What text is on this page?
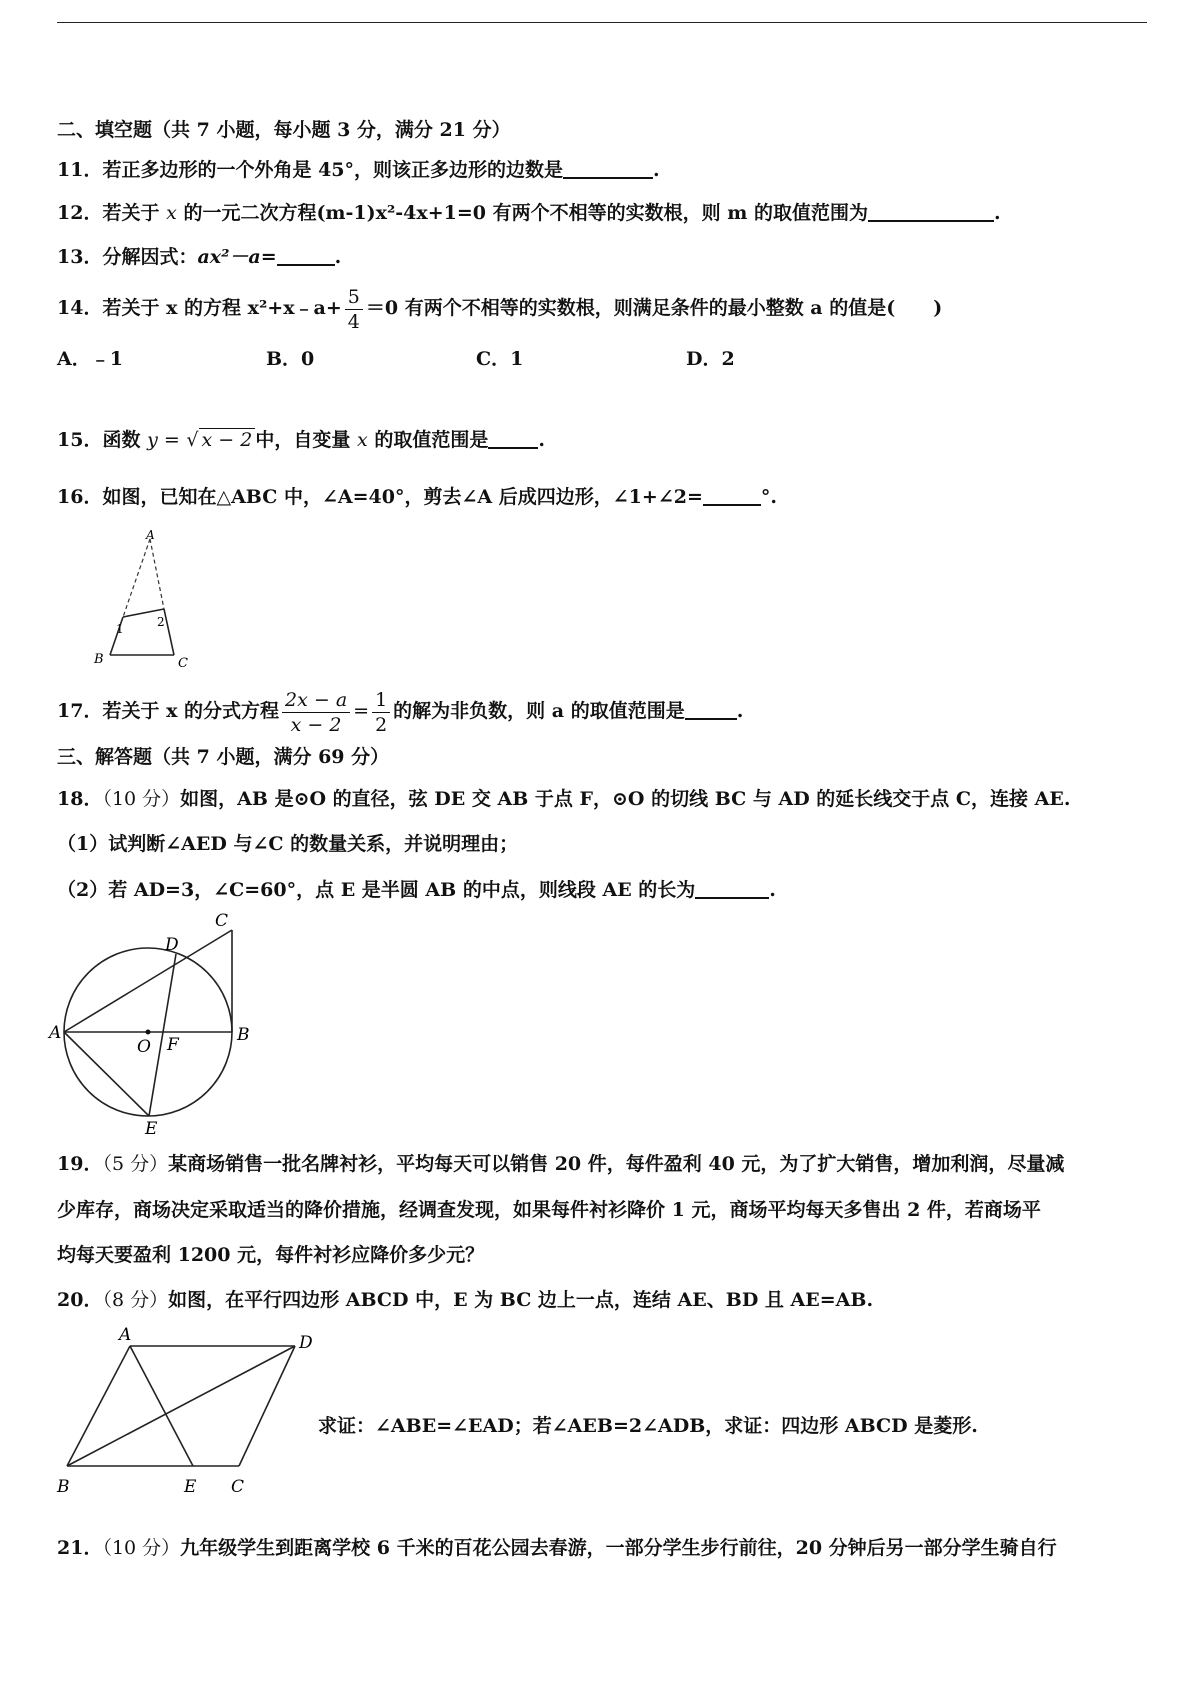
二、填空题（共 7 小题，每小题 3 分，满分 21 分）
11．若正多边形的一个外角是 45°，则该正多边形的边数是	.
12．若关于 x 的一元二次方程(m-1)x²-4x+1=0 有两个不相等的实数根，则 m 的取值范围为	.
13．分解因式：ax²－a=	.
14．若关于 x 的方程 x²+x﹣a+ $\frac{5}{4} =0$ 有两个不相等的实数根，则满足条件的最小整数 a 的值是(　　)
A．﹣1	B．0	C．1	D．2
15．函数 y = √ x − 2 中，自变量 x 的取值范围是	.
16．如图，已知在△ABC 中，∠A=40°，剪去∠A 后成四边形，∠1+∠2=	°.
A
B	C
1	2
17．若关于 x 的分式方程 $\frac{2x - a}{x - 2} = \frac{1}{2}$ 的解为非负数，则 a 的取值范围是	.
三、解答题（共 7 小题，满分 69 分）
18．（10 分）如图，AB 是⊙O 的直径，弦 DE 交 AB 于点 F，⊙O 的切线 BC 与 AD 的延长线交于点 C，连接 AE.
（1）试判断∠AED 与∠C 的数量关系，并说明理由；
（2）若 AD=3，∠C=60°，点 E 是半圆 AB 的中点，则线段 AE 的长为	.
C
D
A	B
O F
E
19．（5 分）某商场销售一批名牌衬衫，平均每天可以销售 20 件，每件盈利 40 元，为了扩大销售，增加利润，尽量减
少库存，商场决定采取适当的降价措施，经调查发现，如果每件衬衫降价 1 元，商场平均每天多售出 2 件，若商场平
均每天要盈利 1200 元，每件衬衫应降价多少元？
20．（8 分）如图，在平行四边形 ABCD 中，E 为 BC 边上一点，连结 AE、BD 且 AE=AB.
A	D
B	E C
求证：∠ABE=∠EAD；若∠AEB=2∠ADB，求证：四边形 ABCD 是菱形.
21．（10 分）九年级学生到距离学校 6 千米的百花公园去春游，一部分学生步行前往，20 分钟后另一部分学生骑自行
